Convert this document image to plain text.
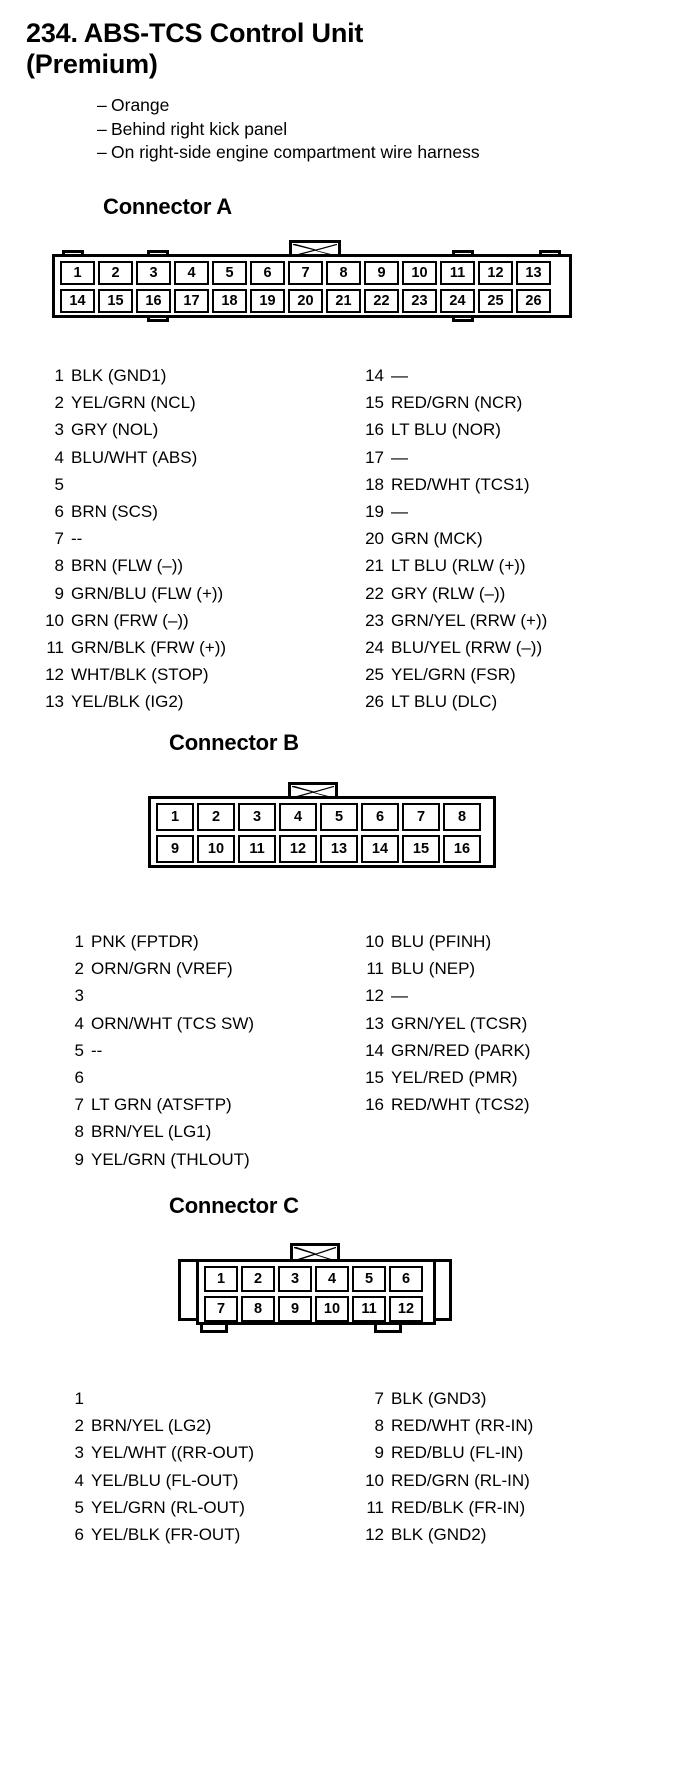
234. ABS-TCS Control Unit
(Premium)
– Orange
– Behind right kick panel
– On right-side engine compartment wire harness
Connector A
1	2	3	4	5	6	7	8	9	10	11	12	13
14	15	16	17	18	19	20	21	22	23	24	25	26
1 BLK (GND1)
2 YEL/GRN (NCL)
3 GRY (NOL)
4 BLU/WHT (ABS)
5
6 BRN (SCS)
7 --
8 BRN (FLW (–))
9 GRN/BLU (FLW (+))
10 GRN (FRW (–))
11 GRN/BLK (FRW (+))
12 WHT/BLK (STOP)
13 YEL/BLK (IG2)
14 —
15 RED/GRN (NCR)
16 LT BLU (NOR)
17 —
18 RED/WHT (TCS1)
19 —
20 GRN (MCK)
21 LT BLU (RLW (+))
22 GRY (RLW (–))
23 GRN/YEL (RRW (+))
24 BLU/YEL (RRW (–))
25 YEL/GRN (FSR)
26 LT BLU (DLC)
Connector B
1	2	3	4	5	6	7	8
9	10	11	12	13	14	15	16
1 PNK (FPTDR)
2 ORN/GRN (VREF)
3
4 ORN/WHT (TCS SW)
5 --
6
7 LT GRN (ATSFTP)
8 BRN/YEL (LG1)
9 YEL/GRN (THLOUT)
10 BLU (PFINH)
11 BLU (NEP)
12 —
13 GRN/YEL (TCSR)
14 GRN/RED (PARK)
15 YEL/RED (PMR)
16 RED/WHT (TCS2)
Connector C
1	2	3	4	5	6
7	8	9	10	11	12
1
2 BRN/YEL (LG2)
3 YEL/WHT ((RR-OUT)
4 YEL/BLU (FL-OUT)
5 YEL/GRN (RL-OUT)
6 YEL/BLK (FR-OUT)
7 BLK (GND3)
8 RED/WHT (RR-IN)
9 RED/BLU (FL-IN)
10 RED/GRN (RL-IN)
11 RED/BLK (FR-IN)
12 BLK (GND2)
